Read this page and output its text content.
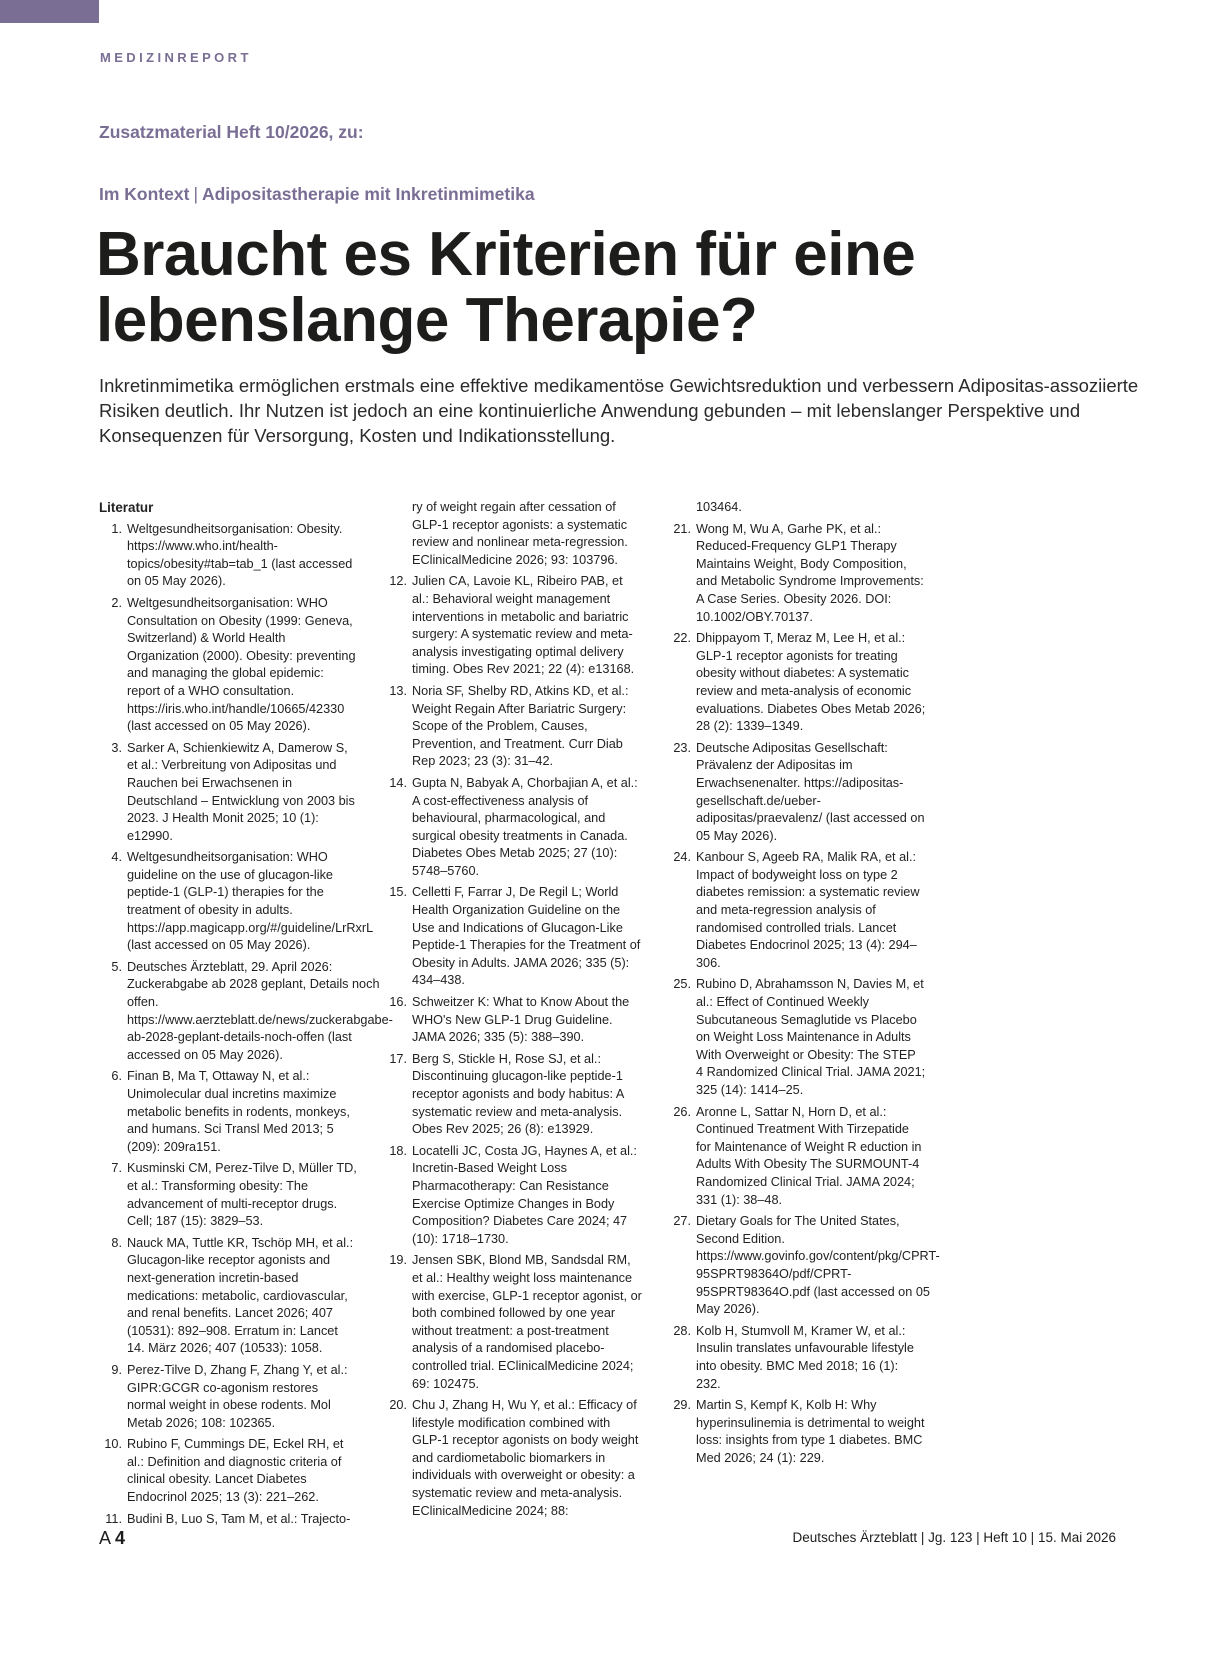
MEDIZINREPORT
Zusatzmaterial Heft 10/2026, zu:
Im Kontext | Adipositastherapie mit Inkretinmimetika
Braucht es Kriterien für eine
lebenslange Therapie?

Inkretinmimetika ermöglichen erstmals eine effektive medikamentöse Gewichtsreduktion und verbessern Adipositas-assoziierte Risiken deutlich. Ihr Nutzen ist jedoch an eine kontinuierliche Anwendung gebunden – mit lebenslanger Perspektive und Konsequenzen für Versorgung, Kosten und Indikationsstellung.

Literatur
1. Weltgesundheitsorganisation: Obesity. https://www.who.int/health-topics/obesity#tab=tab_1 (last accessed on 05 May 2026).
2. Weltgesundheitsorganisation: WHO Consultation on Obesity (1999: Geneva, Switzerland) & World Health Organization (2000). Obesity: preventing and managing the global epidemic: report of a WHO consultation. https://iris.who.int/handle/10665/42330 (last accessed on 05 May 2026).
3. Sarker A, Schienkiewitz A, Damerow S, et al.: Verbreitung von Adipositas und Rauchen bei Erwachsenen in Deutschland – Entwicklung von 2003 bis 2023. J Health Monit 2025; 10 (1): e12990.
4. Weltgesundheitsorganisation: WHO guideline on the use of glucagon-like peptide-1 (GLP-1) therapies for the treatment of obesity in adults. https://app.magicapp.org/#/guideline/LrRxrL (last accessed on 05 May 2026).
5. Deutsches Ärzteblatt, 29. April 2026: Zuckerabgabe ab 2028 geplant, Details noch offen. https://www.aerzteblatt.de/news/zuckerabgabe-ab-2028-geplant-details-noch-offen (last accessed on 05 May 2026).
6. Finan B, Ma T, Ottaway N, et al.: Unimolecular dual incretins maximize metabolic benefits in rodents, monkeys, and humans. Sci Transl Med 2013; 5 (209): 209ra151.
7. Kusminski CM, Perez-Tilve D, Müller TD, et al.: Transforming obesity: The advancement of multi-receptor drugs. Cell; 187 (15): 3829–53.
8. Nauck MA, Tuttle KR, Tschöp MH, et al.: Glucagon-like receptor agonists and next-generation incretin-based medications: metabolic, cardiovascular, and renal benefits. Lancet 2026; 407 (10531): 892–908. Erratum in: Lancet 14. März 2026; 407 (10533): 1058.
9. Perez-Tilve D, Zhang F, Zhang Y, et al.: GIPR:GCGR co-agonism restores normal weight in obese rodents. Mol Metab 2026; 108: 102365.
10. Rubino F, Cummings DE, Eckel RH, et al.: Definition and diagnostic criteria of clinical obesity. Lancet Diabetes Endocrinol 2025; 13 (3): 221–262.
11. Budini B, Luo S, Tam M, et al.: Trajecto-
ry of weight regain after cessation of GLP-1 receptor agonists: a systematic review and nonlinear meta-regression. EClinicalMedicine 2026; 93: 103796.
12. Julien CA, Lavoie KL, Ribeiro PAB, et al.: Behavioral weight management interventions in metabolic and bariatric surgery: A systematic review and meta-analysis investigating optimal delivery timing. Obes Rev 2021; 22 (4): e13168.
13. Noria SF, Shelby RD, Atkins KD, et al.: Weight Regain After Bariatric Surgery: Scope of the Problem, Causes, Prevention, and Treatment. Curr Diab Rep 2023; 23 (3): 31–42.
14. Gupta N, Babyak A, Chorbajian A, et al.: A cost-effectiveness analysis of behavioural, pharmacological, and surgical obesity treatments in Canada. Diabetes Obes Metab 2025; 27 (10): 5748–5760.
15. Celletti F, Farrar J, De Regil L; World Health Organization Guideline on the Use and Indications of Glucagon-Like Peptide-1 Therapies for the Treatment of Obesity in Adults. JAMA 2026; 335 (5): 434–438.
16. Schweitzer K: What to Know About the WHO's New GLP-1 Drug Guideline. JAMA 2026; 335 (5): 388–390.
17. Berg S, Stickle H, Rose SJ, et al.: Discontinuing glucagon-like peptide-1 receptor agonists and body habitus: A systematic review and meta-analysis. Obes Rev 2025; 26 (8): e13929.
18. Locatelli JC, Costa JG, Haynes A, et al.: Incretin-Based Weight Loss Pharmacotherapy: Can Resistance Exercise Optimize Changes in Body Composition? Diabetes Care 2024; 47 (10): 1718–1730.
19. Jensen SBK, Blond MB, Sandsdal RM, et al.: Healthy weight loss maintenance with exercise, GLP-1 receptor agonist, or both combined followed by one year without treatment: a post-treatment analysis of a randomised placebo-controlled trial. EClinicalMedicine 2024; 69: 102475.
20. Chu J, Zhang H, Wu Y, et al.: Efficacy of lifestyle modification combined with GLP-1 receptor agonists on body weight and cardiometabolic biomarkers in individuals with overweight or obesity: a systematic review and meta-analysis. EClinicalMedicine 2024; 88:
103464.
21. Wong M, Wu A, Garhe PK, et al.: Reduced-Frequency GLP1 Therapy Maintains Weight, Body Composition, and Metabolic Syndrome Improvements: A Case Series. Obesity 2026. DOI: 10.1002/OBY.70137.
22. Dhippayom T, Meraz M, Lee H, et al.: GLP-1 receptor agonists for treating obesity without diabetes: A systematic review and meta-analysis of economic evaluations. Diabetes Obes Metab 2026; 28 (2): 1339–1349.
23. Deutsche Adipositas Gesellschaft: Prävalenz der Adipositas im Erwachsenenalter. https://adipositas-gesellschaft.de/ueber-adipositas/praevalenz/ (last accessed on 05 May 2026).
24. Kanbour S, Ageeb RA, Malik RA, et al.: Impact of bodyweight loss on type 2 diabetes remission: a systematic review and meta-regression analysis of randomised controlled trials. Lancet Diabetes Endocrinol 2025; 13 (4): 294–306.
25. Rubino D, Abrahamsson N, Davies M, et al.: Effect of Continued Weekly Subcutaneous Semaglutide vs Placebo on Weight Loss Maintenance in Adults With Overweight or Obesity: The STEP 4 Randomized Clinical Trial. JAMA 2021; 325 (14): 1414–25.
26. Aronne L, Sattar N, Horn D, et al.: Continued Treatment With Tirzepatide for Maintenance of Weight R eduction in Adults With Obesity The SURMOUNT-4 Randomized Clinical Trial. JAMA 2024; 331 (1): 38–48.
27. Dietary Goals for The United States, Second Edition. https://www.govinfo.gov/content/pkg/CPRT-95SPRT98364O/pdf/CPRT-95SPRT98364O.pdf (last accessed on 05 May 2026).
28. Kolb H, Stumvoll M, Kramer W, et al.: Insulin translates unfavourable lifestyle into obesity. BMC Med 2018; 16 (1): 232.
29. Martin S, Kempf K, Kolb H: Why hyperinsulinemia is detrimental to weight loss: insights from type 1 diabetes. BMC Med 2026; 24 (1): 229.
A 4	Deutsches Ärzteblatt | Jg. 123 | Heft 10 | 15. Mai 2026
